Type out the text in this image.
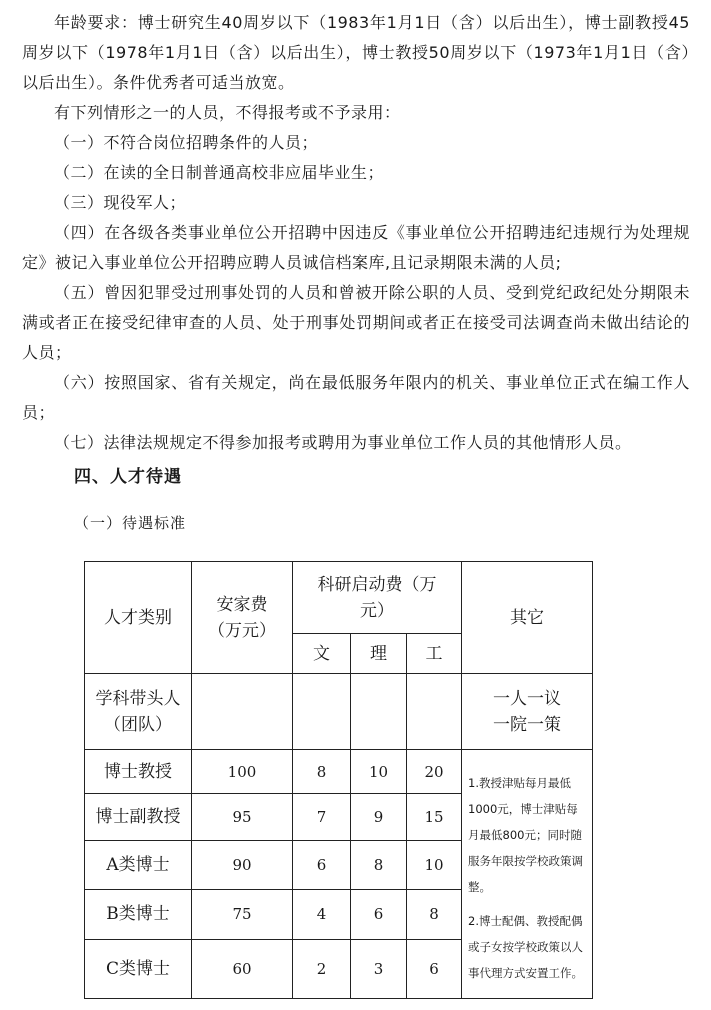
年龄要求：博士研究生40周岁以下（1983年1月1日（含）以后出生），博士副教授45周岁以下（1978年1月1日（含）以后出生），博士教授50周岁以下（1973年1月1日（含）以后出生）。条件优秀者可适当放宽。

有下列情形之一的人员，不得报考或不予录用：

（一）不符合岗位招聘条件的人员；

（二）在读的全日制普通高校非应届毕业生；

（三）现役军人；

（四）在各级各类事业单位公开招聘中因违反《事业单位公开招聘违纪违规行为处理规定》被记入事业单位公开招聘应聘人员诚信档案库,且记录期限未满的人员;

（五）曾因犯罪受过刑事处罚的人员和曾被开除公职的人员、受到党纪政纪处分期限未满或者正在接受纪律审查的人员、处于刑事处罚期间或者正在接受司法调查尚未做出结论的人员；

（六）按照国家、省有关规定，尚在最低服务年限内的机关、事业单位正式在编工作人员；

（七）法律法规规定不得参加报考或聘用为事业单位工作人员的其他情形人员。

四、人才待遇

（一）待遇标准

人才类别	安家费（万元）	科研启动费（万元）			其它
		文	理	工	
学科带头人（团队）					一人一议
一院一策

博士教授	100	8	10	20	1.教授津贴每月最低1000元，博士津贴每月最低800元；同时随服务年限按学校政策调整。

2.博士配偶、教授配偶或子女按学校政策以人事代理方式安置工作。

博士副教授	95	7	9	15	
A类博士	90	6	8	10	
B类博士	75	4	6	8	
C类博士	60	2	3	6	
